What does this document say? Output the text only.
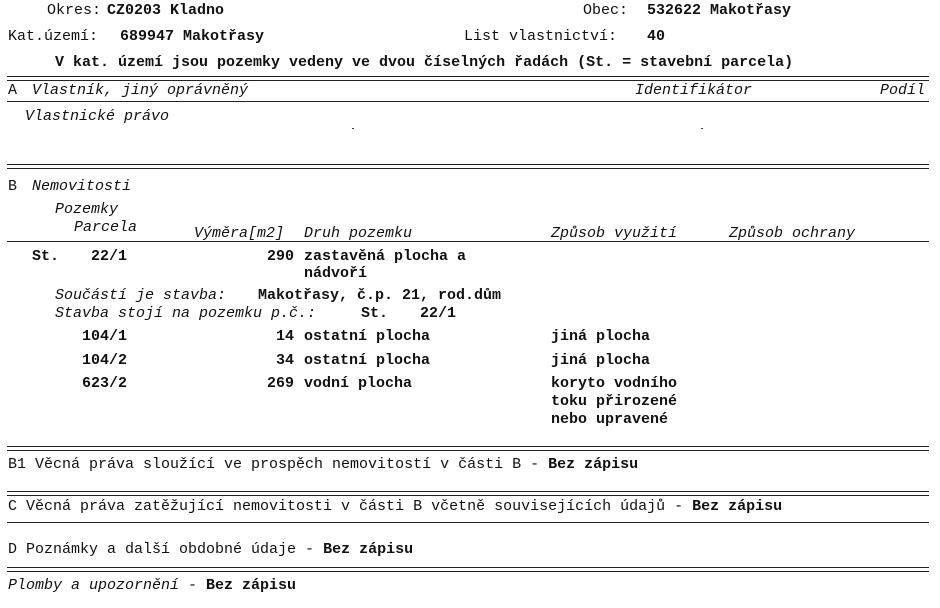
Okres: CZ0203 Kladno	Obec: 532622 Makotřasy
Kat.území: 689947 Makotřasy	List vlastnictví: 40
V kat. území jsou pozemky vedeny ve dvou číselných řadách (St. = stavební parcela)
A Vlastník, jiný oprávněný	Identifikátor	Podíl
Vlastnické právo
B Nemovitosti
Pozemky
Parcela	Výměra[m2] Druh pozemku	Způsob využití	Způsob ochrany
St. 22/1	290 zastavěná plocha a
nádvoří
Součástí je stavba: Makotřasy, č.p. 21, rod.dům
Stavba stojí na pozemku p.č.:	St. 22/1
104/1	14 ostatní plocha	jiná plocha
104/2	34 ostatní plocha	jiná plocha
623/2	269 vodní plocha	koryto vodního
toku přirozené
nebo upravené
B1 Věcná práva sloužící ve prospěch nemovitostí v části B - Bez zápisu
C Věcná práva zatěžující nemovitosti v části B včetně souvisejících údajů - Bez zápisu
D Poznámky a další obdobné údaje - Bez zápisu
Plomby a upozornění - Bez zápisu
